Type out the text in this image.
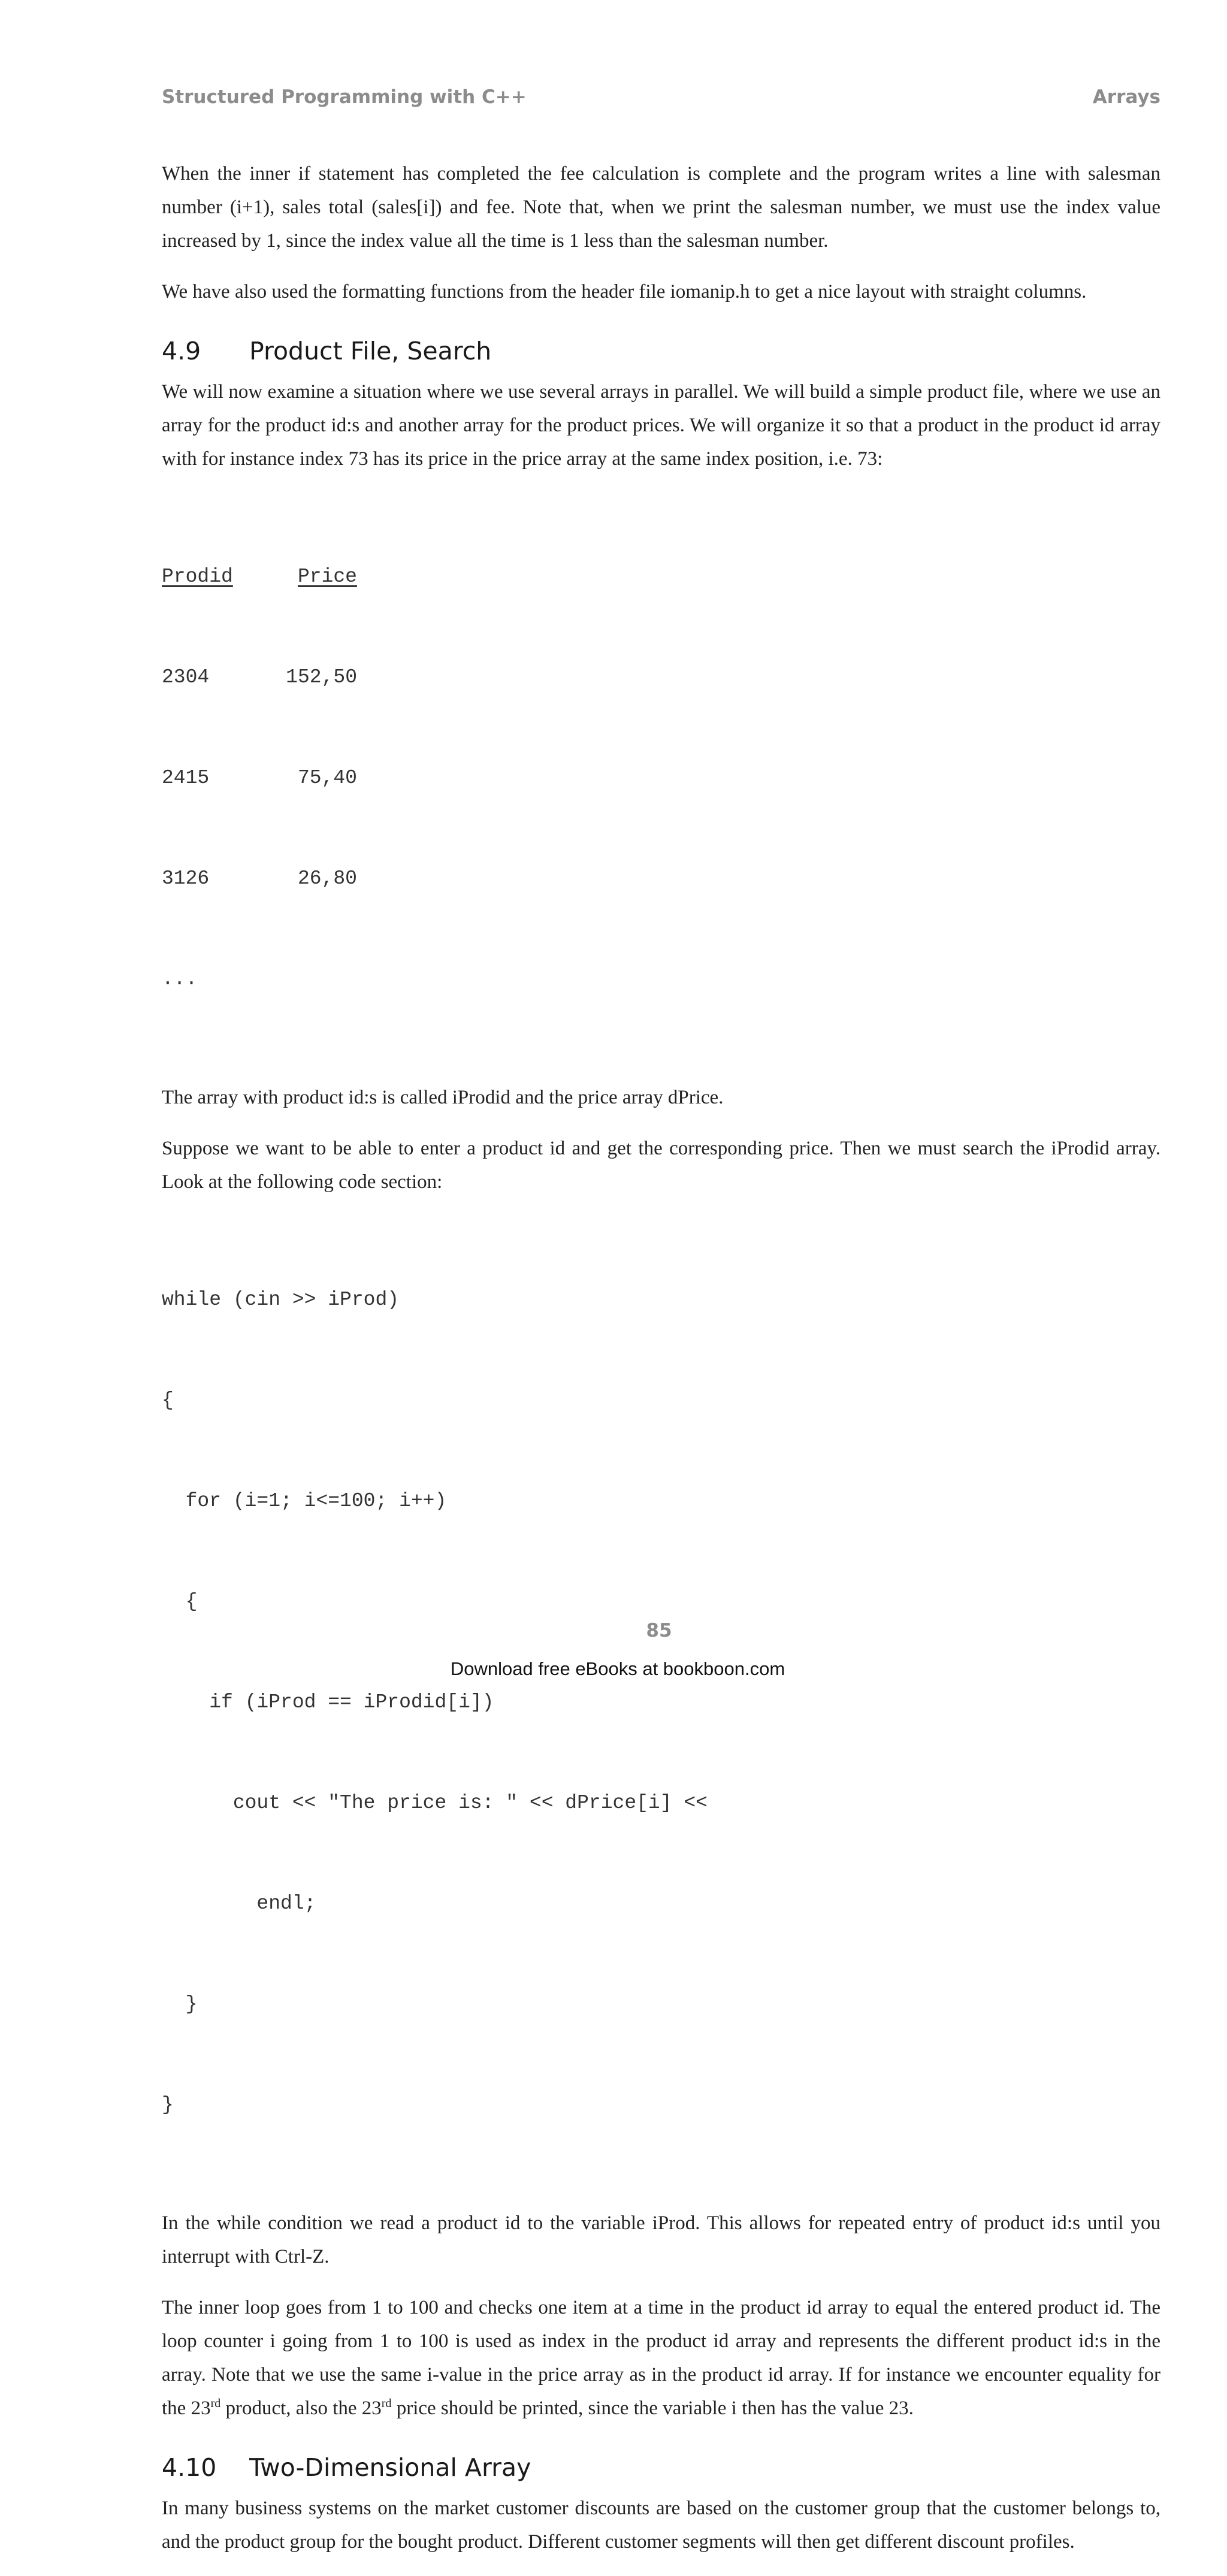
Structured Programming with C++	Arrays

When the inner if statement has completed the fee calculation is complete and the program writes a line with salesman number (i+1), sales total (sales[i]) and fee. Note that, when we print the salesman number, we must use the index value increased by 1, since the index value all the time is 1 less than the salesman number.

We have also used the formatting functions from the header file iomanip.h to get a nice layout with straight columns.

4.9	Product File, Search

We will now examine a situation where we use several arrays in parallel. We will build a simple product file, where we use an array for the product id:s and another array for the product prices. We will organize it so that a product in the product id array with for instance index 73 has its price in the price array at the same index position, i.e. 73:

Prodid	Price

2304	152,50

2415	75,40

3126	26,80

...

The array with product id:s is called iProdid and the price array dPrice.

Suppose we want to be able to enter a product id and get the corresponding price. Then we must search the iProdid array. Look at the following code section:

while (cin >> iProd)

{

for (i=1; i<=100; i++)

{

if (iProd == iProdid[i])

cout << "The price is: " << dPrice[i] <<

endl;

}

}

In the while condition we read a product id to the variable iProd. This allows for repeated entry of product id:s until you interrupt with Ctrl-Z.

The inner loop goes from 1 to 100 and checks one item at a time in the product id array to equal the entered product id. The loop counter i going from 1 to 100 is used as index in the product id array and represents the different product id:s in the array. Note that we use the same i-value in the price array as in the product id array. If for instance we encounter equality for the 23rd product, also the 23rd price should be printed, since the variable i then has the value 23.

4.10	Two-Dimensional Array

In many business systems on the market customer discounts are based on the customer group that the customer belongs to, and the product group for the bought product. Different customer segments will then get different discount profiles.

85
Download free eBooks at bookboon.com
